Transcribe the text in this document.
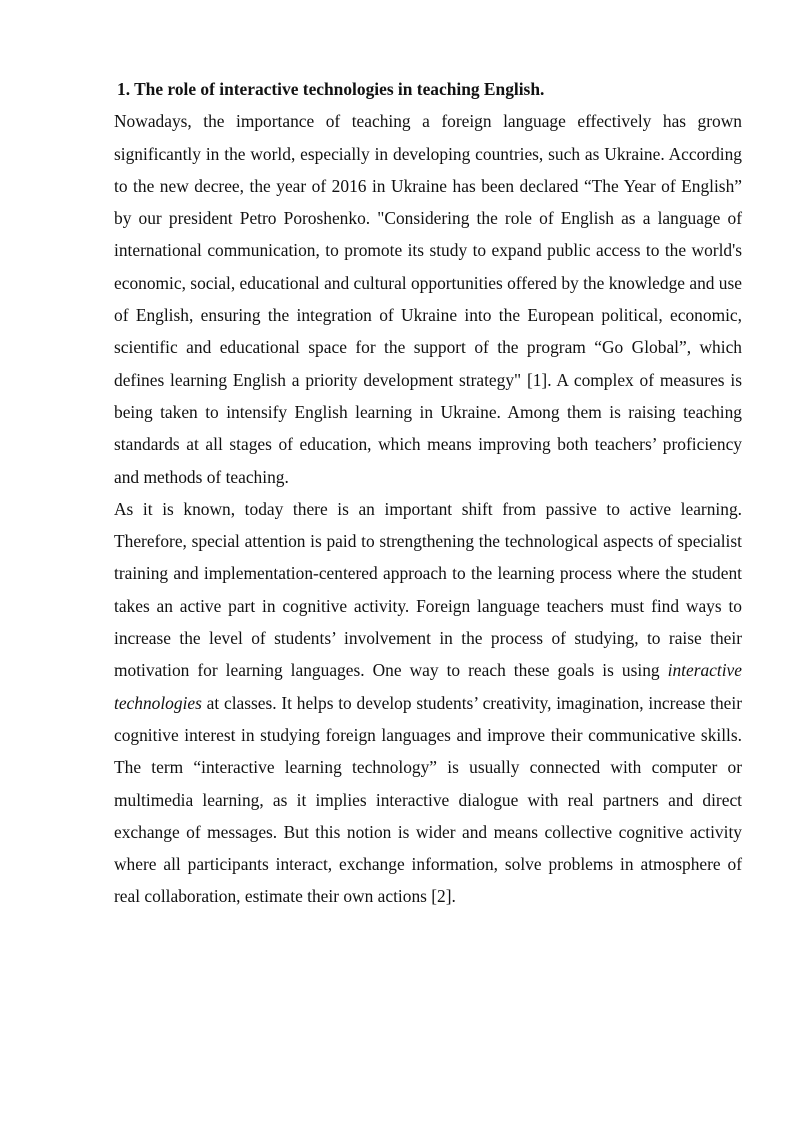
1. The role of interactive technologies in teaching English.

Nowadays, the importance of teaching a foreign language effectively has grown significantly in the world, especially in developing countries, such as Ukraine. According to the new decree, the year of 2016 in Ukraine has been declared “The Year of English” by our president Petro Poroshenko. "Considering the role of English as a language of international communication, to promote its study to expand public access to the world's economic, social, educational and cultural opportunities offered by the knowledge and use of English, ensuring the integration of Ukraine into the European political, economic, scientific and educational space for the support of the program “Go Global”, which defines learning English a priority development strategy" [1]. A complex of measures is being taken to intensify English learning in Ukraine. Among them is raising teaching standards at all stages of education, which means improving both teachers’ proficiency and methods of teaching.

As it is known, today there is an important shift from passive to active learning. Therefore, special attention is paid to strengthening the technological aspects of specialist training and implementation-centered approach to the learning process where the student takes an active part in cognitive activity. Foreign language teachers must find ways to increase the level of students’ involvement in the process of studying, to raise their motivation for learning languages. One way to reach these goals is using interactive technologies at classes. It helps to develop students’ creativity, imagination, increase their cognitive interest in studying foreign languages and improve their communicative skills. The term “interactive learning technology” is usually connected with computer or multimedia learning, as it implies interactive dialogue with real partners and direct exchange of messages. But this notion is wider and means collective cognitive activity where all participants interact, exchange information, solve problems in atmosphere of real collaboration, estimate their own actions [2].
